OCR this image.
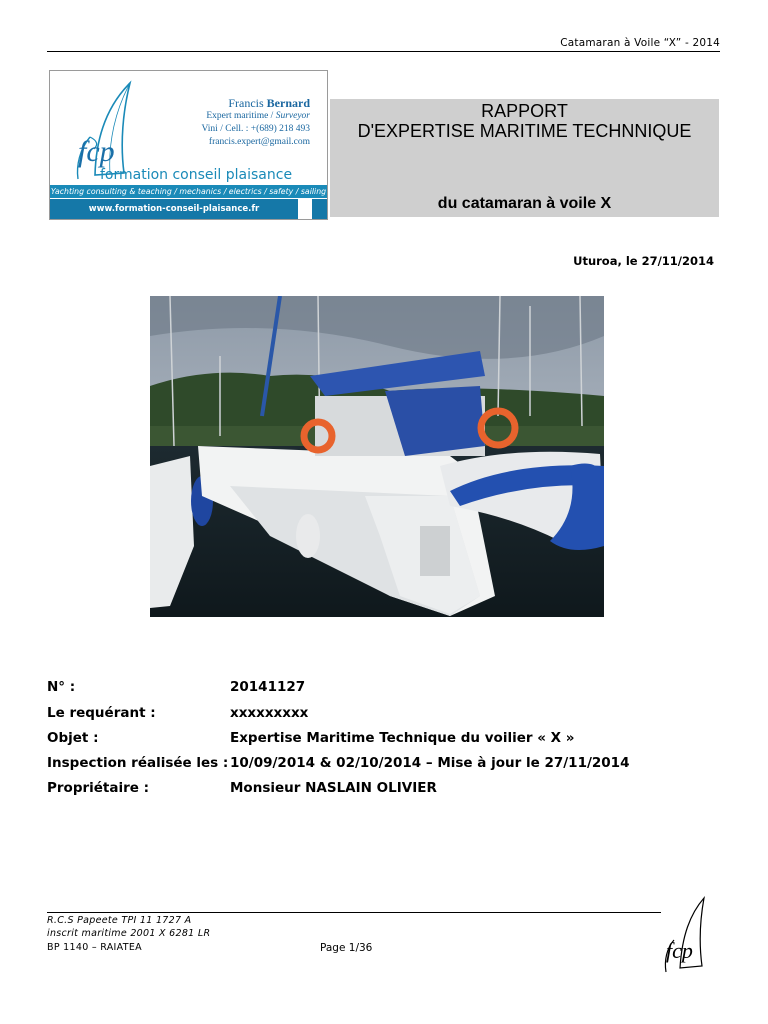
Catamaran à Voile “X” - 2014
fcp
Francis Bernard
Expert maritime / Surveyor
Vini / Cell. : +(689) 218 493
francis.expert@gmail.com
formation conseil plaisance
Yachting consulting & teaching / mechanics / electrics / safety / sailing
www.formation-conseil-plaisance.fr
RAPPORT
D'EXPERTISE MARITIME TECHNNIQUE
du catamaran à voile X
Uturoa, le 27/11/2014
N° :	20141127
Le requérant :	xxxxxxxxx
Objet :	Expertise Maritime Technique du voilier « X »
Inspection réalisée les : 10/09/2014 & 02/10/2014 – Mise à jour le 27/11/2014
Propriétaire :	Monsieur NASLAIN OLIVIER
R.C.S Papeete TPI 11 1727 A
inscrit maritime 2001 X 6281 LR
BP 1140 – RAIATEA	Page 1/36	fcp
